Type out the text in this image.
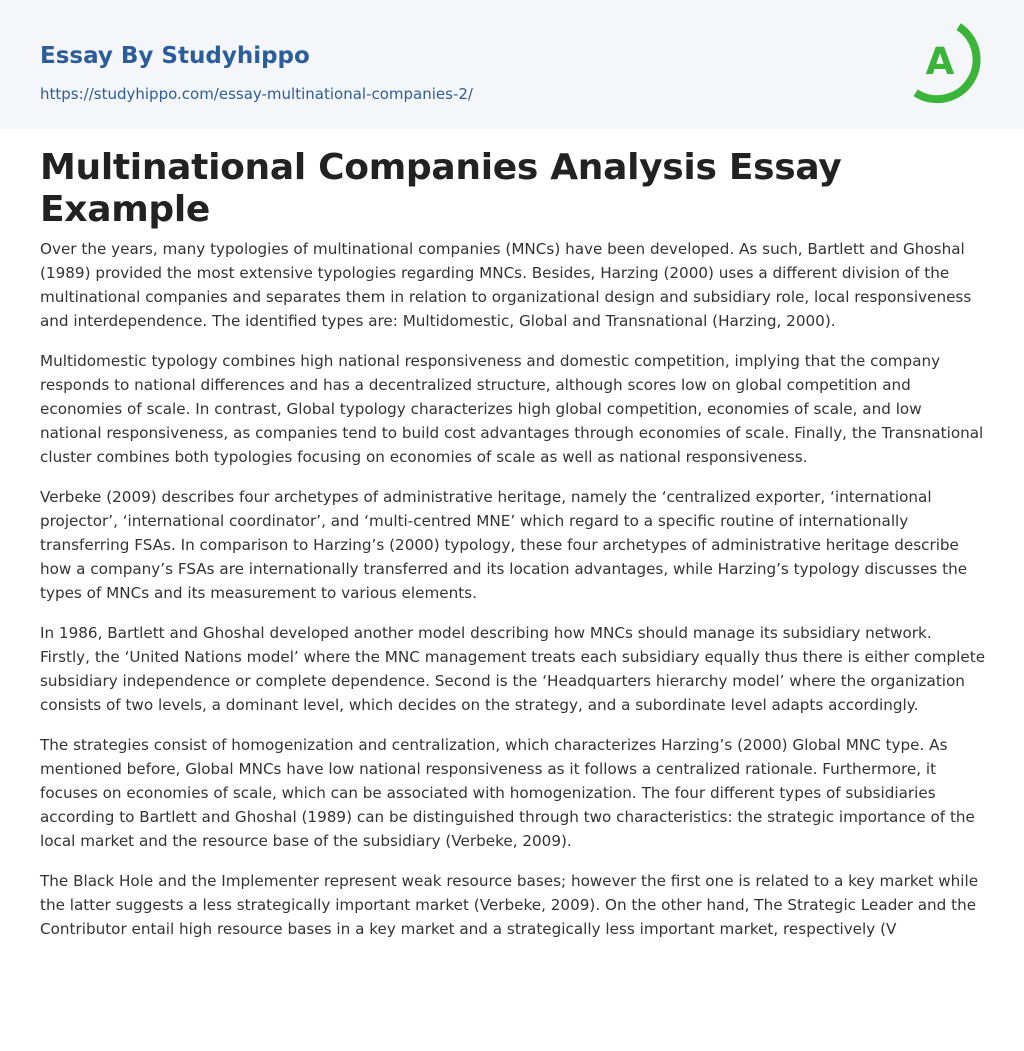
Essay By Studyhippo
https://studyhippo.com/essay-multinational-companies-2/
A
Multinational Companies Analysis Essay Example

Over the years, many typologies of multinational companies (MNCs) have been developed. As such, Bartlett and Ghoshal (1989) provided the most extensive typologies regarding MNCs. Besides, Harzing (2000) uses a different division of the multinational companies and separates them in relation to organizational design and subsidiary role, local responsiveness and interdependence. The identified types are: Multidomestic, Global and Transnational (Harzing, 2000).

Multidomestic typology combines high national responsiveness and domestic competition, implying that the company responds to national differences and has a decentralized structure, although scores low on global competition and economies of scale. In contrast, Global typology characterizes high global competition, economies of scale, and low national responsiveness, as companies tend to build cost advantages through economies of scale. Finally, the Transnational cluster combines both typologies focusing on economies of scale as well as national responsiveness.

Verbeke (2009) describes four archetypes of administrative heritage, namely the ‘centralized exporter, ‘international projector’, ‘international coordinator’, and ‘multi-centred MNE’ which regard to a specific routine of internationally transferring FSAs. In comparison to Harzing’s (2000) typology, these four archetypes of administrative heritage describe how a company’s FSAs are internationally transferred and its location advantages, while Harzing’s typology discusses the types of MNCs and its measurement to various elements.

In 1986, Bartlett and Ghoshal developed another model describing how MNCs should manage its subsidiary network. Firstly, the ‘United Nations model’ where the MNC management treats each subsidiary equally thus there is either complete subsidiary independence or complete dependence. Second is the ‘Headquarters hierarchy model’ where the organization consists of two levels, a dominant level, which decides on the strategy, and a subordinate level adapts accordingly.

The strategies consist of homogenization and centralization, which characterizes Harzing’s (2000) Global MNC type. As mentioned before, Global MNCs have low national responsiveness as it follows a centralized rationale. Furthermore, it focuses on economies of scale, which can be associated with homogenization. The four different types of subsidiaries according to Bartlett and Ghoshal (1989) can be distinguished through two characteristics: the strategic importance of the local market and the resource base of the subsidiary (Verbeke, 2009).

The Black Hole and the Implementer represent weak resource bases; however the first one is related to a key market while the latter suggests a less strategically important market (Verbeke, 2009). On the other hand, The Strategic Leader and the Contributor entail high resource bases in a key market and a strategically less important market, respectively (V
